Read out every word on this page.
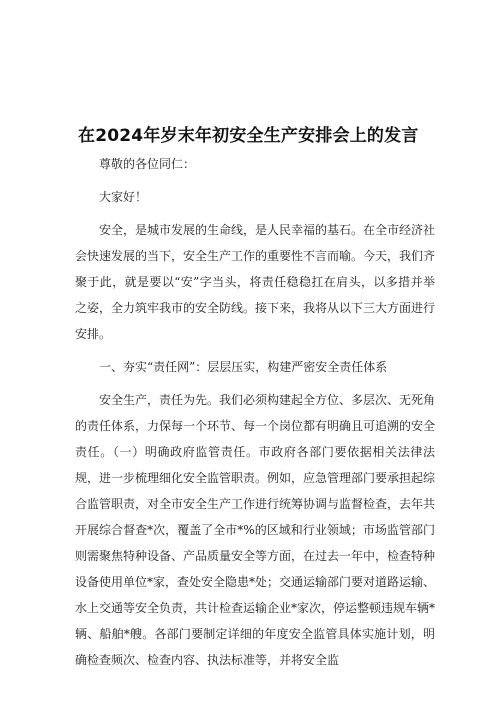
在2024年岁末年初安全生产安排会上的发言

尊敬的各位同仁：

大家好！

安全，是城市发展的生命线，是人民幸福的基石。在全市经济社会快速发展的当下，安全生产工作的重要性不言而喻。今天，我们齐聚于此，就是要以“安”字当头，将责任稳稳扛在肩头，以多措并举之姿，全力筑牢我市的安全防线。接下来，我将从以下三大方面进行安排。

一、夯实“责任网”：层层压实，构建严密安全责任体系

安全生产，责任为先。我们必须构建起全方位、多层次、无死角的责任体系，力保每一个环节、每一个岗位都有明确且可追溯的安全责任。（一）明确政府监管责任。市政府各部门要依据相关法律法规，进一步梳理细化安全监管职责。例如，应急管理部门要承担起综合监管职责，对全市安全生产工作进行统筹协调与监督检查，去年共开展综合督查*次，覆盖了全市*%的区域和行业领域；市场监管部门则需聚焦特种设备、产品质量安全等方面，在过去一年中，检查特种设备使用单位*家，查处安全隐患*处；交通运输部门要对道路运输、水上交通等安全负责，共计检查运输企业*家次，停运整顿违规车辆*辆、船舶*艘。各部门要制定详细的年度安全监管具体实施计划，明确检查频次、检查内容、执法标准等，并将安全监
